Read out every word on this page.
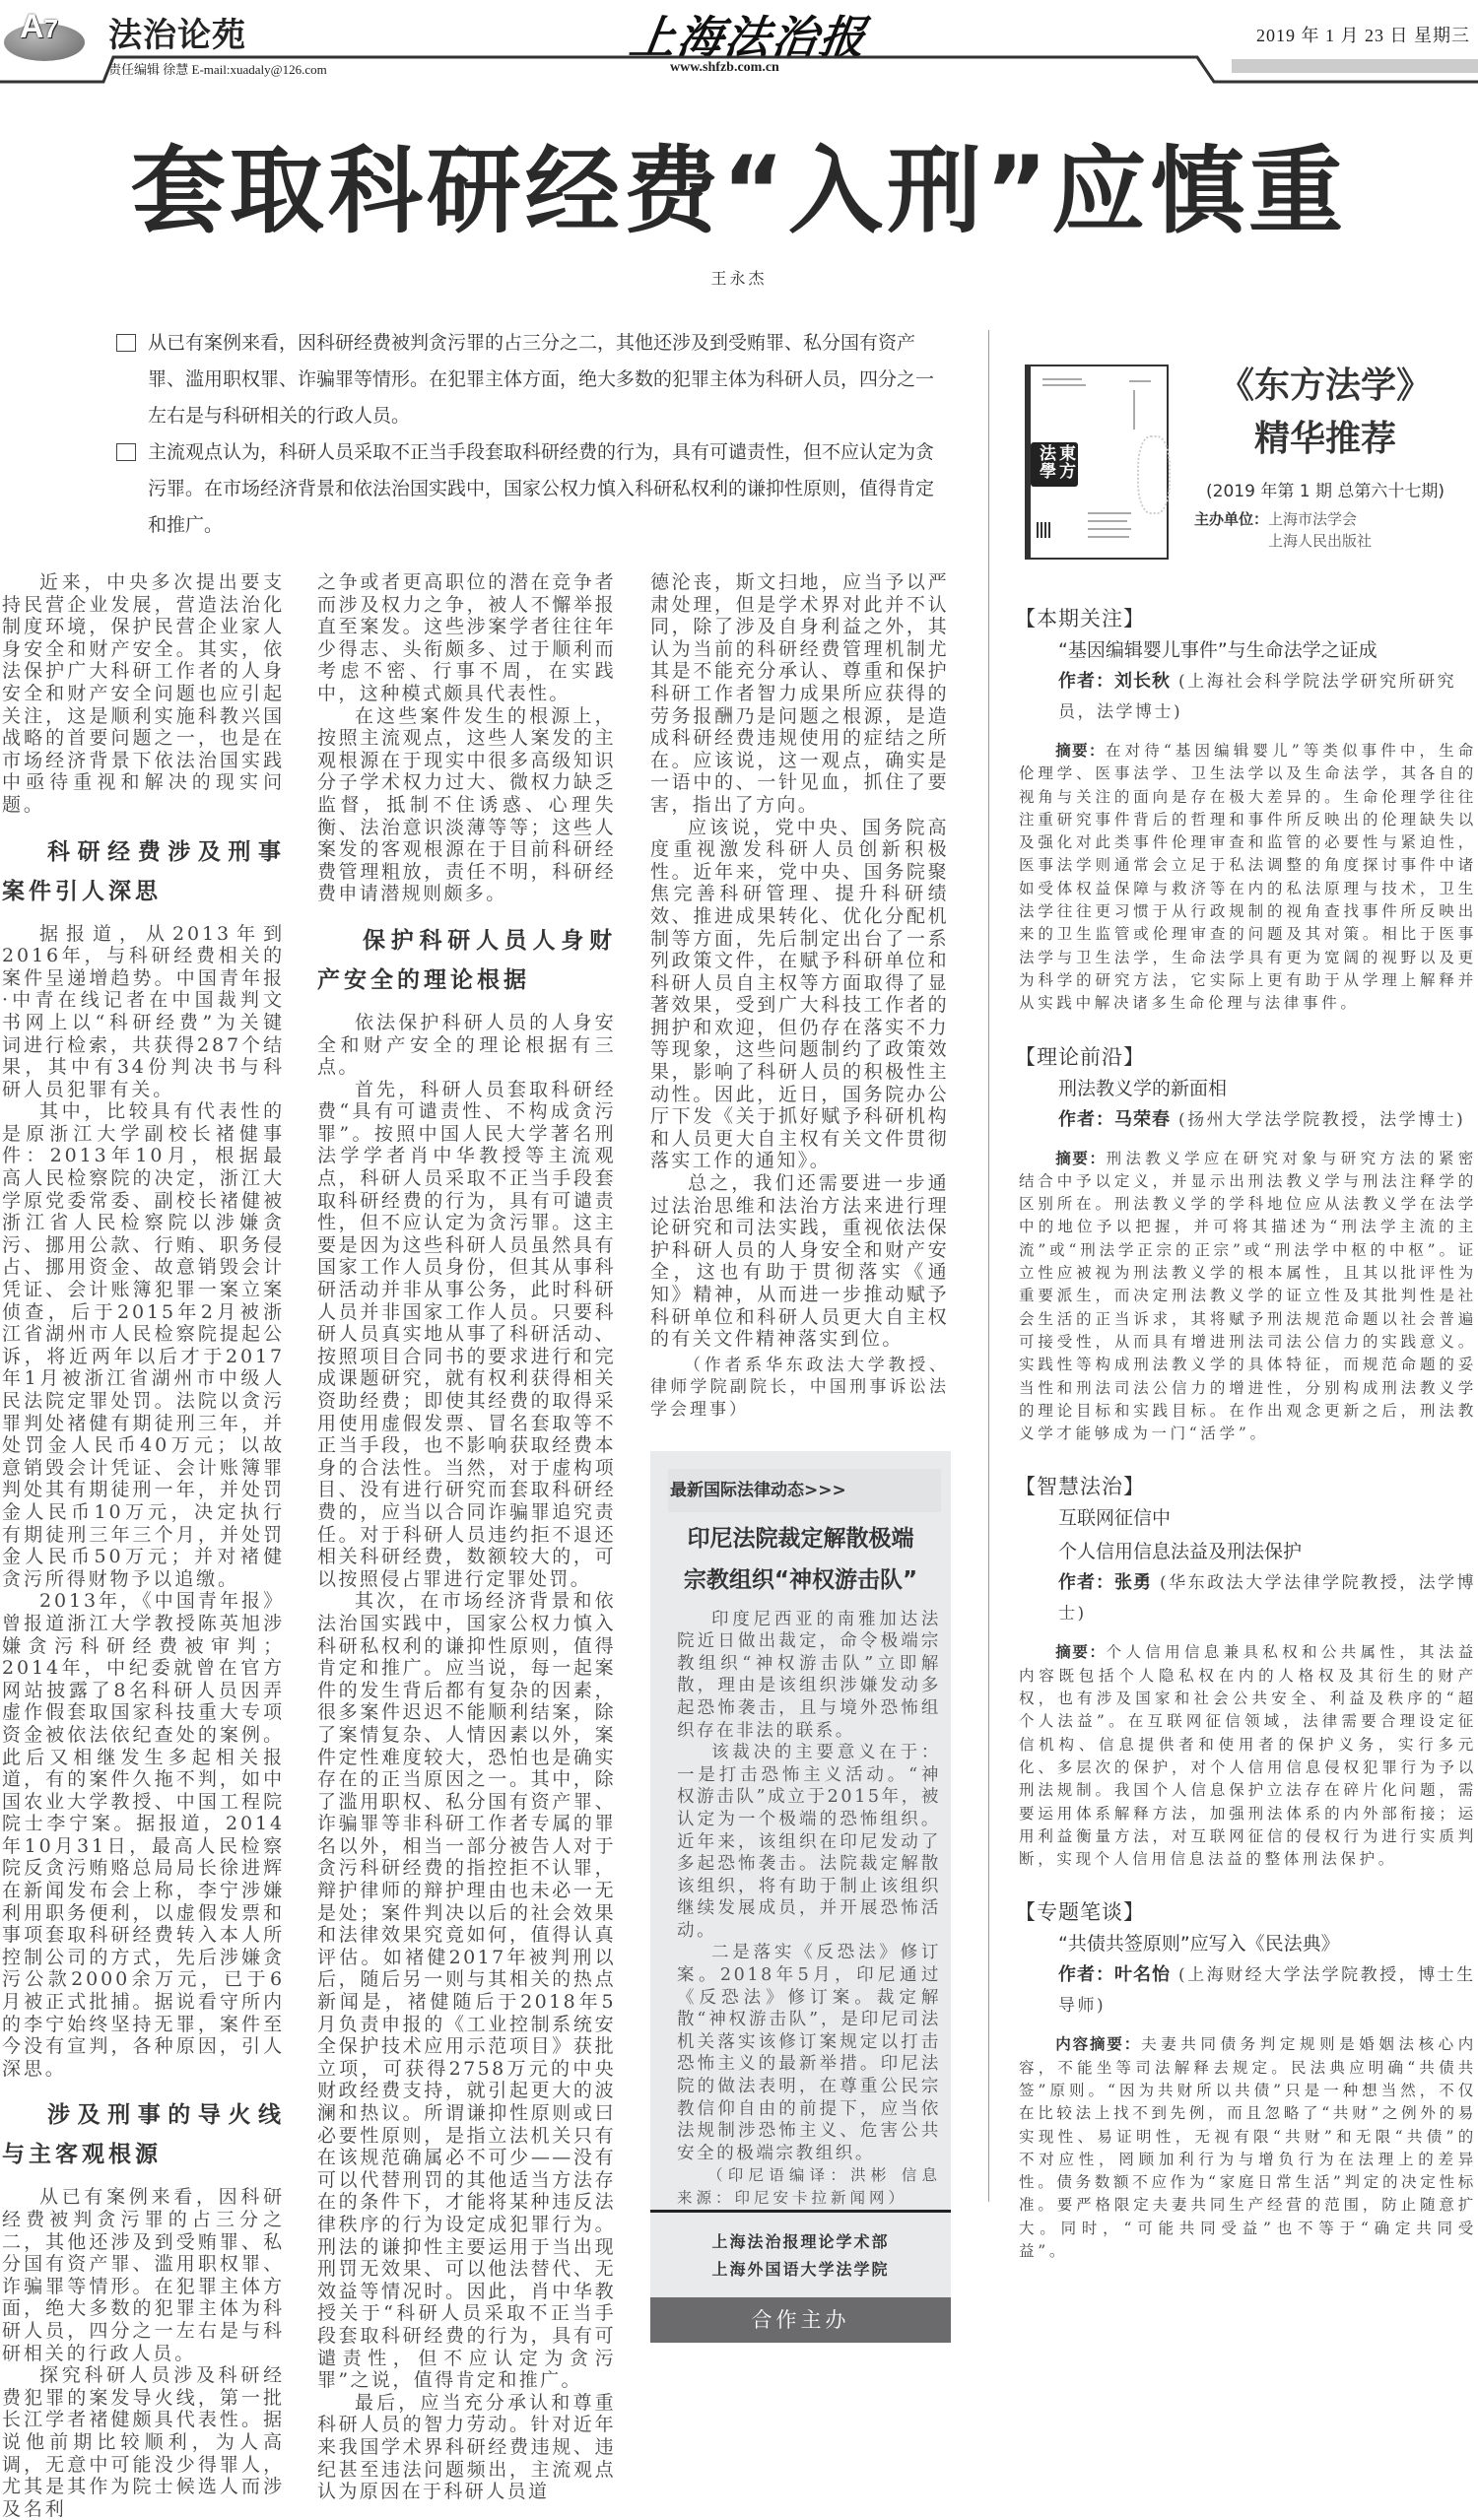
A7 法治论苑	上海法治报	2019 年 1 月 23 日 星期三
责任编辑 徐慧 E-mail:xuadaly@126.com	www.shfzb.com.cn
套取科研经费“入刑”应慎重
王永杰
从已有案例来看，因科研经费被判贪污罪的占三分之二，其他还涉及到受贿罪、私分国有资产罪、滥用职权罪、诈骗罪等情形。在犯罪主体方面，绝大多数的犯罪主体为科研人员，四分之一左右是与科研相关的行政人员。
主流观点认为，科研人员采取不正当手段套取科研经费的行为，具有可谴责性，但不应认定为贪污罪。在市场经济背景和依法治国实践中，国家公权力慎入科研私权利的谦抑性原则，值得肯定和推广。

近来，中央多次提出要支持民营企业发展，营造法治化制度环境，保护民营企业家人身安全和财产安全。其实，依法保护广大科研工作者的人身安全和财产安全问题也应引起关注，这是顺利实施科教兴国战略的首要问题之一，也是在市场经济背景下依法治国实践中亟待重视和解决的现实问题。

科研经费涉及刑事案件引人深思

据报道，从2013年到2016年，与科研经费相关的案件呈递增趋势。中国青年报·中青在线记者在中国裁判文书网上以“科研经费”为关键词进行检索，共获得287个结果，其中有34份判决书与科研人员犯罪有关。

其中，比较具有代表性的是原浙江大学副校长褚健事件：2013年10月，根据最高人民检察院的决定，浙江大学原党委常委、副校长褚健被浙江省人民检察院以涉嫌贪污、挪用公款、行贿、职务侵占、挪用资金、故意销毁会计凭证、会计账簿犯罪一案立案侦查，后于2015年2月被浙江省湖州市人民检察院提起公诉，将近两年以后才于2017年1月被浙江省湖州市中级人民法院定罪处罚。法院以贪污罪判处褚健有期徒刑三年，并处罚金人民币40万元；以故意销毁会计凭证、会计账簿罪判处其有期徒刑一年，并处罚金人民币10万元，决定执行有期徒刑三年三个月，并处罚金人民币50万元；并对褚健贪污所得财物予以追缴。

2013年，《中国青年报》曾报道浙江大学教授陈英旭涉嫌贪污科研经费被审判；2014年，中纪委就曾在官方网站披露了8名科研人员因弄虚作假套取国家科技重大专项资金被依法依纪查处的案例。此后又相继发生多起相关报道，有的案件久拖不判，如中国农业大学教授、中国工程院院士李宁案。据报道，2014年10月31日，最高人民检察院反贪污贿赂总局局长徐进辉在新闻发布会上称，李宁涉嫌利用职务便利，以虚假发票和事项套取科研经费转入本人所控制公司的方式，先后涉嫌贪污公款2000余万元，已于6月被正式批捕。据说看守所内的李宁始终坚持无罪，案件至今没有宣判，各种原因，引人深思。

涉及刑事的导火线与主客观根源

从已有案例来看，因科研经费被判贪污罪的占三分之二，其他还涉及到受贿罪、私分国有资产罪、滥用职权罪、诈骗罪等情形。在犯罪主体方面，绝大多数的犯罪主体为科研人员，四分之一左右是与科研相关的行政人员。

探究科研人员涉及科研经费犯罪的案发导火线，第一批长江学者褚健颇具代表性。据说他前期比较顺利，为人高调，无意中可能没少得罪人，尤其是其作为院士候选人而涉及名利

之争或者更高职位的潜在竞争者而涉及权力之争，被人不懈举报直至案发。这些涉案学者往往年少得志、头衔颇多、过于顺利而考虑不密、行事不周，在实践中，这种模式颇具代表性。

在这些案件发生的根源上，按照主流观点，这些人案发的主观根源在于现实中很多高级知识分子学术权力过大、微权力缺乏监督，抵制不住诱惑、心理失衡、法治意识淡薄等等；这些人案发的客观根源在于目前科研经费管理粗放，责任不明，科研经费申请潜规则颇多。

保护科研人员人身财产安全的理论根据

依法保护科研人员的人身安全和财产安全的理论根据有三点。

首先，科研人员套取科研经费“具有可谴责性、不构成贪污罪”。按照中国人民大学著名刑法学学者肖中华教授等主流观点，科研人员采取不正当手段套取科研经费的行为，具有可谴责性，但不应认定为贪污罪。这主要是因为这些科研人员虽然具有国家工作人员身份，但其从事科研活动并非从事公务，此时科研人员并非国家工作人员。只要科研人员真实地从事了科研活动、按照项目合同书的要求进行和完成课题研究，就有权利获得相关资助经费；即使其经费的取得采用使用虚假发票、冒名套取等不正当手段，也不影响获取经费本身的合法性。当然，对于虚构项目、没有进行研究而套取科研经费的，应当以合同诈骗罪追究责任。对于科研人员违约拒不退还相关科研经费，数额较大的，可以按照侵占罪进行定罪处罚。

其次，在市场经济背景和依法治国实践中，国家公权力慎入科研私权利的谦抑性原则，值得肯定和推广。应当说，每一起案件的发生背后都有复杂的因素，很多案件迟迟不能顺利结案，除了案情复杂、人情因素以外，案件定性难度较大，恐怕也是确实存在的正当原因之一。其中，除了滥用职权、私分国有资产罪、诈骗罪等非科研工作者专属的罪名以外，相当一部分被告人对于贪污科研经费的指控拒不认罪，辩护律师的辩护理由也未必一无是处；案件判决以后的社会效果和法律效果究竟如何，值得认真评估。如褚健2017年被判刑以后，随后另一则与其相关的热点新闻是，褚健随后于2018年5月负责申报的《工业控制系统安全保护技术应用示范项目》获批立项，可获得2758万元的中央财政经费支持，就引起更大的波澜和热议。所谓谦抑性原则或曰必要性原则，是指立法机关只有在该规范确属必不可少——没有可以代替刑罚的其他适当方法存在的条件下，才能将某种违反法律秩序的行为设定成犯罪行为。刑法的谦抑性主要运用于当出现刑罚无效果、可以他法替代、无效益等情况时。因此，肖中华教授关于“科研人员采取不正当手段套取科研经费的行为，具有可谴责性，但不应认定为贪污罪”之说，值得肯定和推广。

最后，应当充分承认和尊重科研人员的智力劳动。针对近年来我国学术界科研经费违规、违纪甚至违法问题频出，主流观点认为原因在于科研人员道

德沦丧，斯文扫地，应当予以严肃处理，但是学术界对此并不认同，除了涉及自身利益之外，其认为当前的科研经费管理机制尤其是不能充分承认、尊重和保护科研工作者智力成果所应获得的劳务报酬乃是问题之根源，是造成科研经费违规使用的症结之所在。应该说，这一观点，确实是一语中的、一针见血，抓住了要害，指出了方向。

应该说，党中央、国务院高度重视激发科研人员创新积极性。近年来，党中央、国务院聚焦完善科研管理、提升科研绩效、推进成果转化、优化分配机制等方面，先后制定出台了一系列政策文件，在赋予科研单位和科研人员自主权等方面取得了显著效果，受到广大科技工作者的拥护和欢迎，但仍存在落实不力等现象，这些问题制约了政策效果，影响了科研人员的积极性主动性。因此，近日，国务院办公厅下发《关于抓好赋予科研机构和人员更大自主权有关文件贯彻落实工作的通知》。

总之，我们还需要进一步通过法治思维和法治方法来进行理论研究和司法实践，重视依法保护科研人员的人身安全和财产安全，这也有助于贯彻落实《通知》精神，从而进一步推动赋予科研单位和科研人员更大自主权的有关文件精神落实到位。

（作者系华东政法大学教授、律师学院副院长，中国刑事诉讼法学会理事）

最新国际法律动态>>>
印尼法院裁定解散极端
宗教组织“神权游击队”

印度尼西亚的南雅加达法院近日做出裁定，命令极端宗教组织“神权游击队”立即解散，理由是该组织涉嫌发动多起恐怖袭击，且与境外恐怖组织存在非法的联系。

该裁决的主要意义在于：一是打击恐怖主义活动。“神权游击队”成立于2015年，被认定为一个极端的恐怖组织。近年来，该组织在印尼发动了多起恐怖袭击。法院裁定解散该组织，将有助于制止该组织继续发展成员，并开展恐怖活动。

二是落实《反恐法》修订案。2018年5月，印尼通过《反恐法》修订案。裁定解散“神权游击队”，是印尼司法机关落实该修订案规定以打击恐怖主义的最新举措。印尼法院的做法表明，在尊重公民宗教信仰自由的前提下，应当依法规制涉恐怖主义、危害公共安全的极端宗教组织。

（印尼语编译：洪彬 信息来源：印尼安卡拉新闻网）

上海法治报理论学术部
上海外国语大学法学院
合作主办
東方法學
《东方法学》
精华推荐
(2019 年第 1 期 总第六十七期)
主办单位： 上海市法学会
上海人民出版社
【本期关注】
“基因编辑婴儿事件”与生命法学之证成
作者：刘长秋 (上海社会科学院法学研究所研究员，法学博士)
摘要：在对待“基因编辑婴儿”等类似事件中，生命伦理学、医事法学、卫生法学以及生命法学，其各自的视角与关注的面向是存在极大差异的。生命伦理学往往注重研究事件背后的哲理和事件所反映出的伦理缺失以及强化对此类事件伦理审查和监管的必要性与紧迫性，医事法学则通常会立足于私法调整的角度探讨事件中诸如受体权益保障与救济等在内的私法原理与技术，卫生法学往往更习惯于从行政规制的视角查找事件所反映出来的卫生监管或伦理审查的问题及其对策。相比于医事法学与卫生法学，生命法学具有更为宽阔的视野以及更为科学的研究方法，它实际上更有助于从学理上解释并从实践中解决诸多生命伦理与法律事件。
【理论前沿】
刑法教义学的新面相
作者：马荣春 (扬州大学法学院教授，法学博士)
摘要：刑法教义学应在研究对象与研究方法的紧密结合中予以定义，并显示出刑法教义学与刑法注释学的区别所在。刑法教义学的学科地位应从法教义学在法学中的地位予以把握，并可将其描述为“刑法学主流的主流”或“刑法学正宗的正宗”或“刑法学中枢的中枢”。证立性应被视为刑法教义学的根本属性，且其以批评性为重要派生，而决定刑法教义学的证立性及其批判性是社会生活的正当诉求，其将赋予刑法规范命题以社会普遍可接受性，从而具有增进刑法司法公信力的实践意义。实践性等构成刑法教义学的具体特征，而规范命题的妥当性和刑法司法公信力的增进性，分别构成刑法教义学的理论目标和实践目标。在作出观念更新之后，刑法教义学才能够成为一门“活学”。
【智慧法治】
互联网征信中
个人信用信息法益及刑法保护
作者：张勇 (华东政法大学法律学院教授，法学博士)
摘要：个人信用信息兼具私权和公共属性，其法益内容既包括个人隐私权在内的人格权及其衍生的财产权，也有涉及国家和社会公共安全、利益及秩序的“超个人法益”。在互联网征信领域，法律需要合理设定征信机构、信息提供者和使用者的保护义务，实行多元化、多层次的保护，对个人信用信息侵权犯罪行为予以刑法规制。我国个人信息保护立法存在碎片化问题，需要运用体系解释方法，加强刑法体系的内外部衔接；运用利益衡量方法，对互联网征信的侵权行为进行实质判断，实现个人信用信息法益的整体刑法保护。
【专题笔谈】
“共债共签原则”应写入《民法典》
作者：叶名怡 (上海财经大学法学院教授，博士生导师)
内容摘要：夫妻共同债务判定规则是婚姻法核心内容，不能坐等司法解释去规定。民法典应明确“共债共签”原则。“因为共财所以共债”只是一种想当然，不仅在比较法上找不到先例，而且忽略了“共财”之例外的易实现性、易证明性，无视有限“共财”和无限“共债”的不对应性，罔顾加利行为与增负行为在法理上的差异性。债务数额不应作为“家庭日常生活”判定的决定性标准。要严格限定夫妻共同生产经营的范围，防止随意扩大。同时，“可能共同受益”也不等于“确定共同受益”。
